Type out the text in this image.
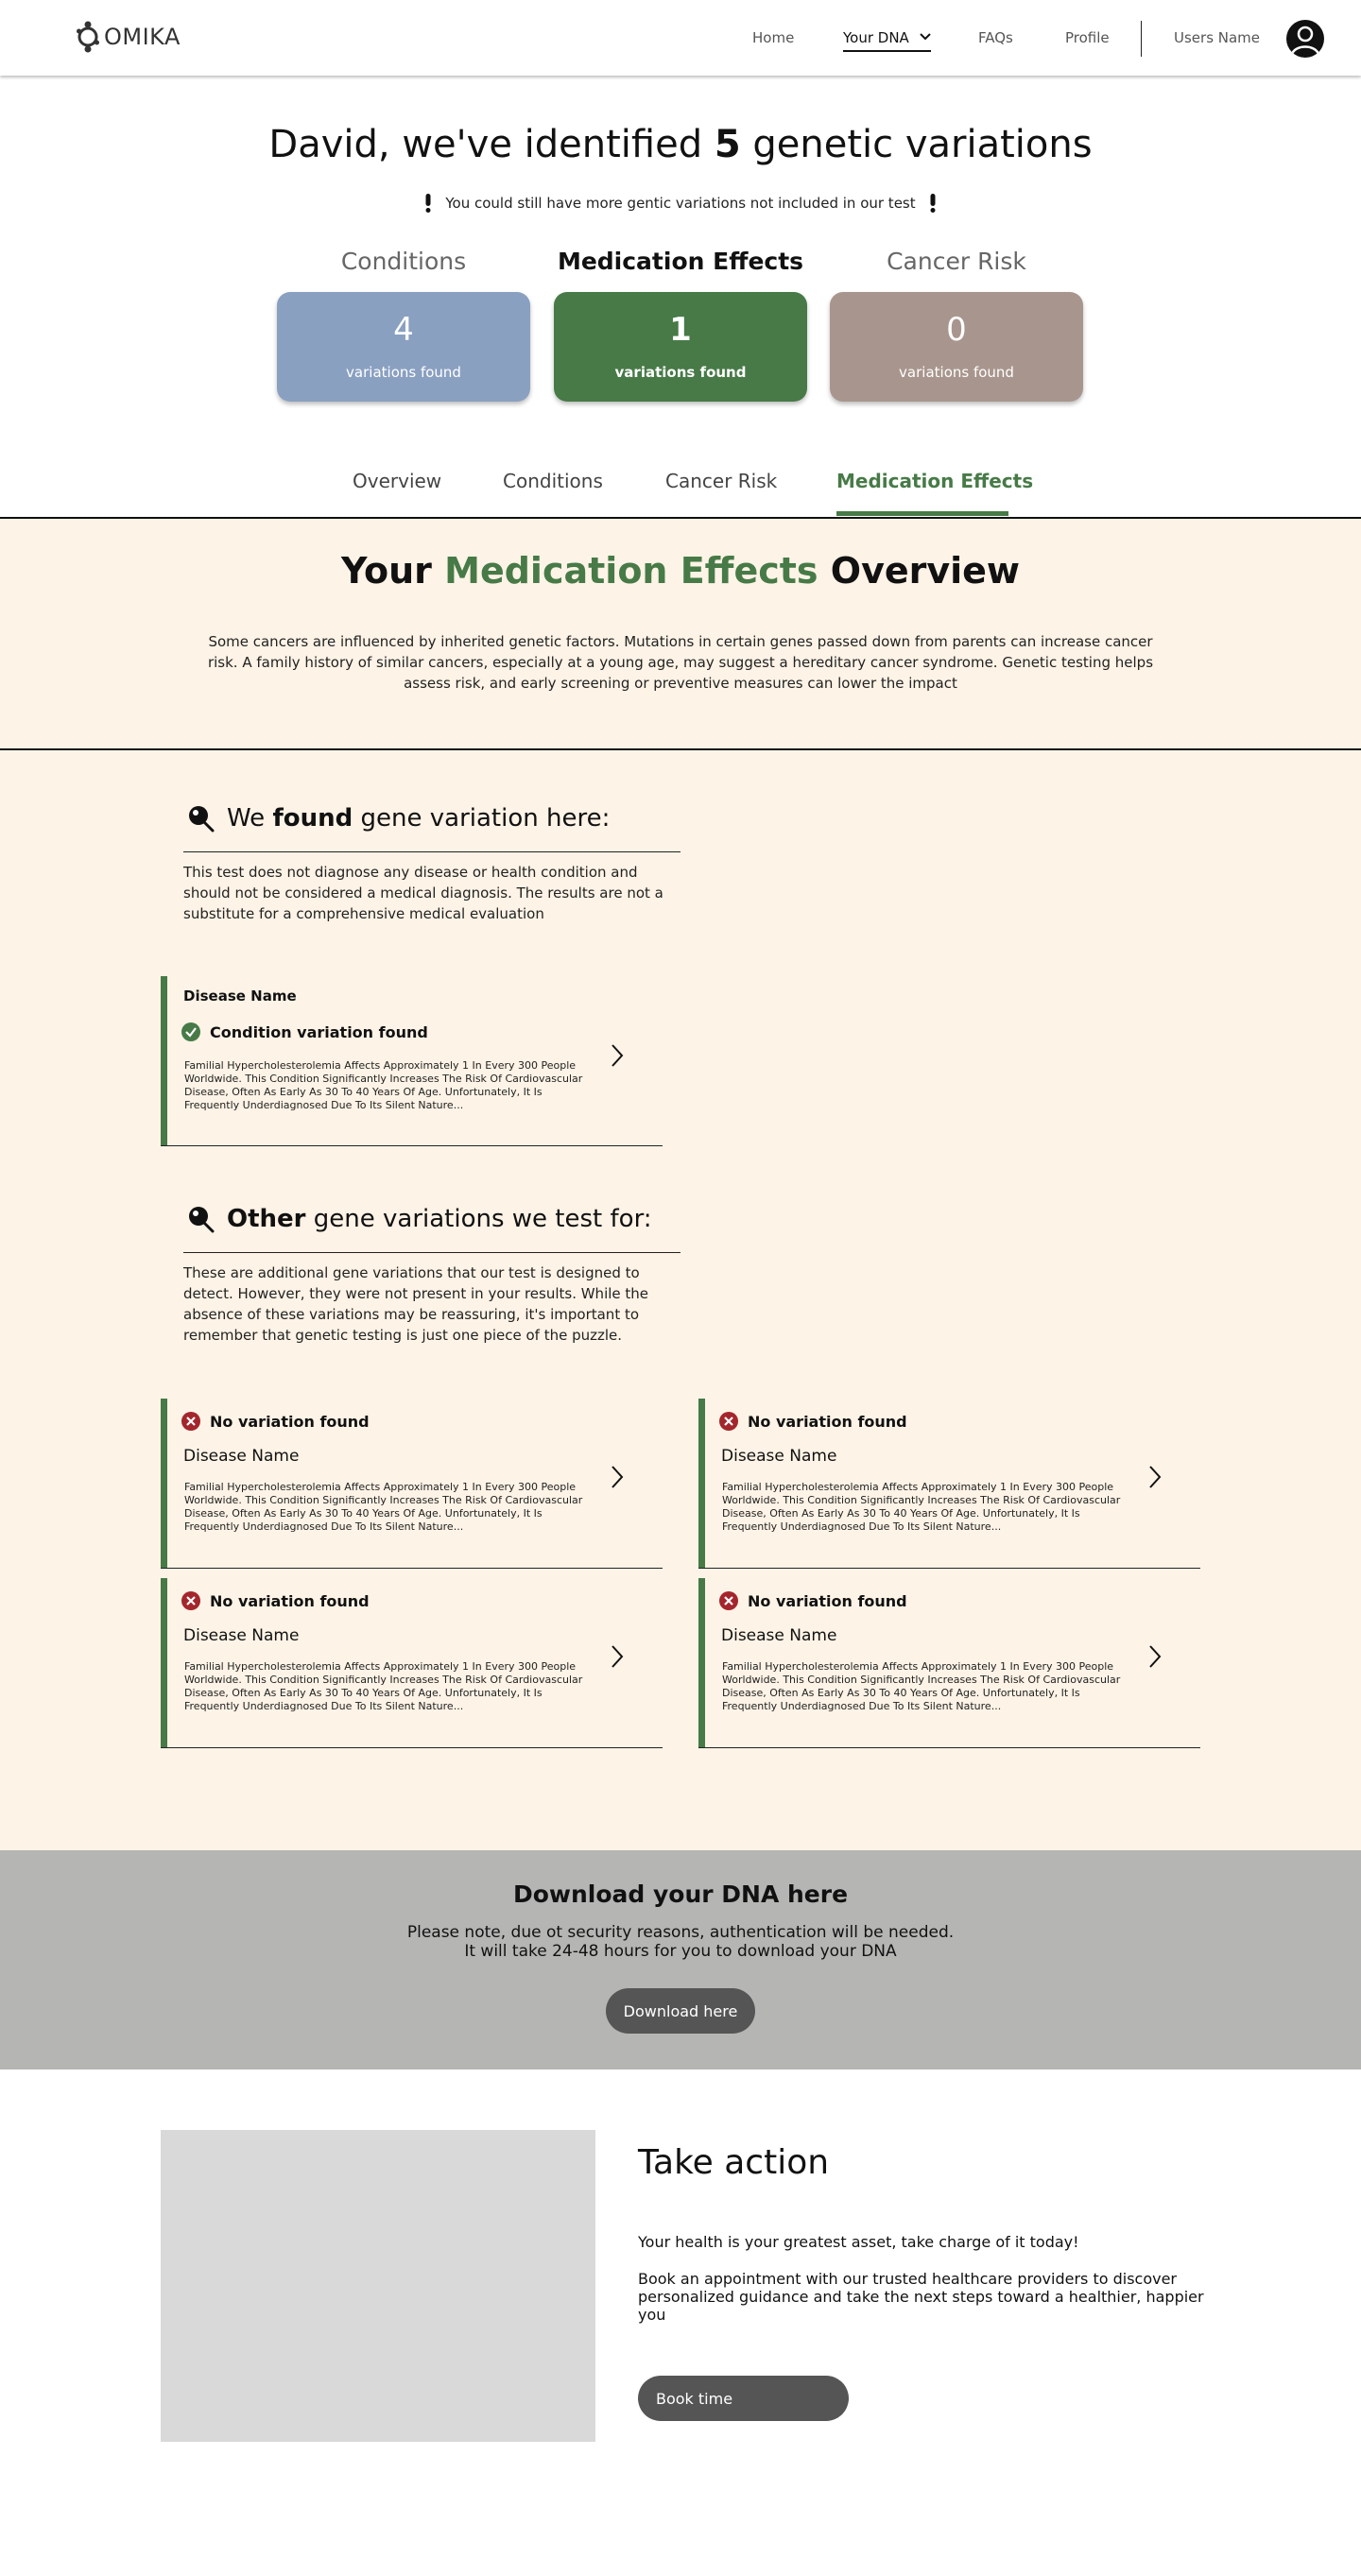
OMIKA	Home	Your DNA	FAQs	Profile	Users Name
David, we've identified 5 genetic variations
You could still have more gentic variations not included in our test
Conditions	Medication Effects	Cancer Risk
4
variations found
1
variations found
0
variations found
Overview	Conditions	Cancer Risk	Medication Effects
Your Medication Effects Overview

Some cancers are influenced by inherited genetic factors. Mutations in certain genes passed down from parents can increase cancer risk. A family history of similar cancers, especially at a young age, may suggest a hereditary cancer syndrome. Genetic testing helps assess risk, and early screening or preventive measures can lower the impact

We found gene variation here:

This test does not diagnose any disease or health condition and should not be considered a medical diagnosis. The results are not a substitute for a comprehensive medical evaluation

Disease Name
Condition variation found
Familial Hypercholesterolemia Affects Approximately 1 In Every 300 People Worldwide. This Condition Significantly Increases The Risk Of Cardiovascular Disease, Often As Early As 30 To 40 Years Of Age. Unfortunately, It Is Frequently Underdiagnosed Due To Its Silent Nature...
Other gene variations we test for:

These are additional gene variations that our test is designed to detect. However, they were not present in your results. While the absence of these variations may be reassuring, it's important to remember that genetic testing is just one piece of the puzzle.

No variation found
Disease Name
Familial Hypercholesterolemia Affects Approximately 1 In Every 300 People Worldwide. This Condition Significantly Increases The Risk Of Cardiovascular Disease, Often As Early As 30 To 40 Years Of Age. Unfortunately, It Is Frequently Underdiagnosed Due To Its Silent Nature...
No variation found
Disease Name
Familial Hypercholesterolemia Affects Approximately 1 In Every 300 People Worldwide. This Condition Significantly Increases The Risk Of Cardiovascular Disease, Often As Early As 30 To 40 Years Of Age. Unfortunately, It Is Frequently Underdiagnosed Due To Its Silent Nature...
No variation found
Disease Name
Familial Hypercholesterolemia Affects Approximately 1 In Every 300 People Worldwide. This Condition Significantly Increases The Risk Of Cardiovascular Disease, Often As Early As 30 To 40 Years Of Age. Unfortunately, It Is Frequently Underdiagnosed Due To Its Silent Nature...
No variation found
Disease Name
Familial Hypercholesterolemia Affects Approximately 1 In Every 300 People Worldwide. This Condition Significantly Increases The Risk Of Cardiovascular Disease, Often As Early As 30 To 40 Years Of Age. Unfortunately, It Is Frequently Underdiagnosed Due To Its Silent Nature...
Download your DNA here
Please note, due ot security reasons, authentication will be needed.
It will take 24-48 hours for you to download your DNA
Download here
Take action

Your health is your greatest asset, take charge of it today!

Book an appointment with our trusted healthcare providers to discover personalized guidance and take the next steps toward a healthier, happier you

Book time
